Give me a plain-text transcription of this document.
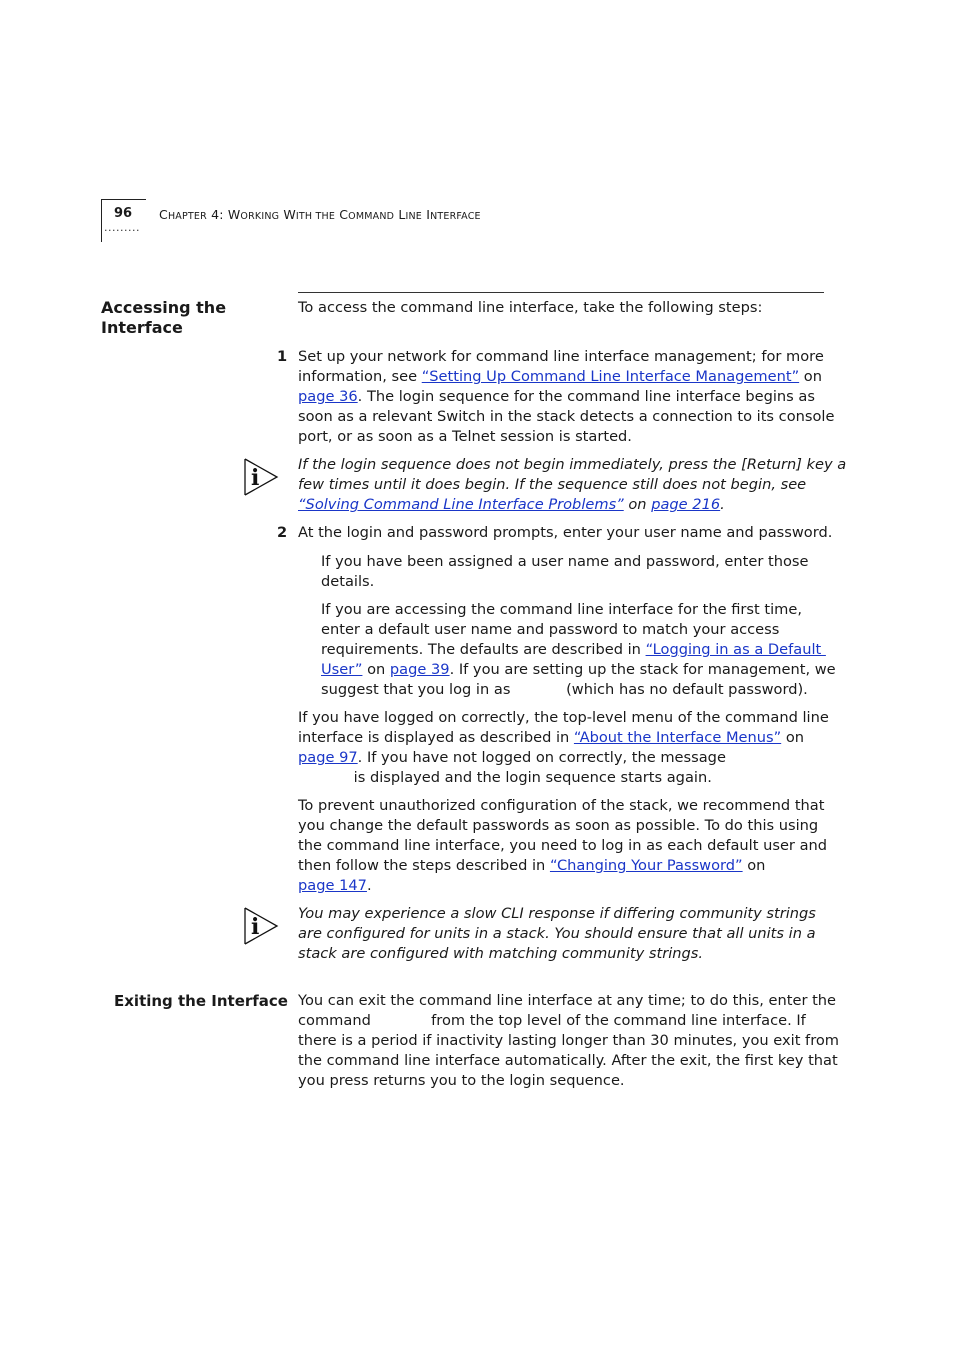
96
·········
CHAPTER 4: WORKING WITH THE COMMAND LINE INTERFACE
Accessing the
Interface
To access the command line interface, take the following steps:
1 Set up your network for command line interface management; for more
information, see “Setting Up Command Line Interface Management” on
page 36. The login sequence for the command line interface begins as
soon as a relevant Switch in the stack detects a connection to its console
port, or as soon as a Telnet session is started.
i
If the login sequence does not begin immediately, press the [Return] key a
few times until it does begin. If the sequence still does not begin, see
“Solving Command Line Interface Problems” on page 216.
2 At the login and password prompts, enter your user name and password.
If you have been assigned a user name and password, enter those
details.
If you are accessing the command line interface for the first time,
enter a default user name and password to match your access
requirements. The defaults are described in “Logging in as a Default
User” on page 39. If you are setting up the stack for management, we
suggest that you log in as            (which has no default password).
If you have logged on correctly, the top-level menu of the command line
interface is displayed as described in “About the Interface Menus” on
page 97. If you have not logged on correctly, the message
is displayed and the login sequence starts again.
To prevent unauthorized configuration of the stack, we recommend that
you change the default passwords as soon as possible. To do this using
the command line interface, you need to log in as each default user and
then follow the steps described in “Changing Your Password” on
page 147.
i
You may experience a slow CLI response if differing community strings
are configured for units in a stack. You should ensure that all units in a
stack are configured with matching community strings.
Exiting the Interface You can exit the command line interface at any time; to do this, enter the
command             from the top level of the command line interface. If
there is a period if inactivity lasting longer than 30 minutes, you exit from
the command line interface automatically. After the exit, the first key that
you press returns you to the login sequence.
